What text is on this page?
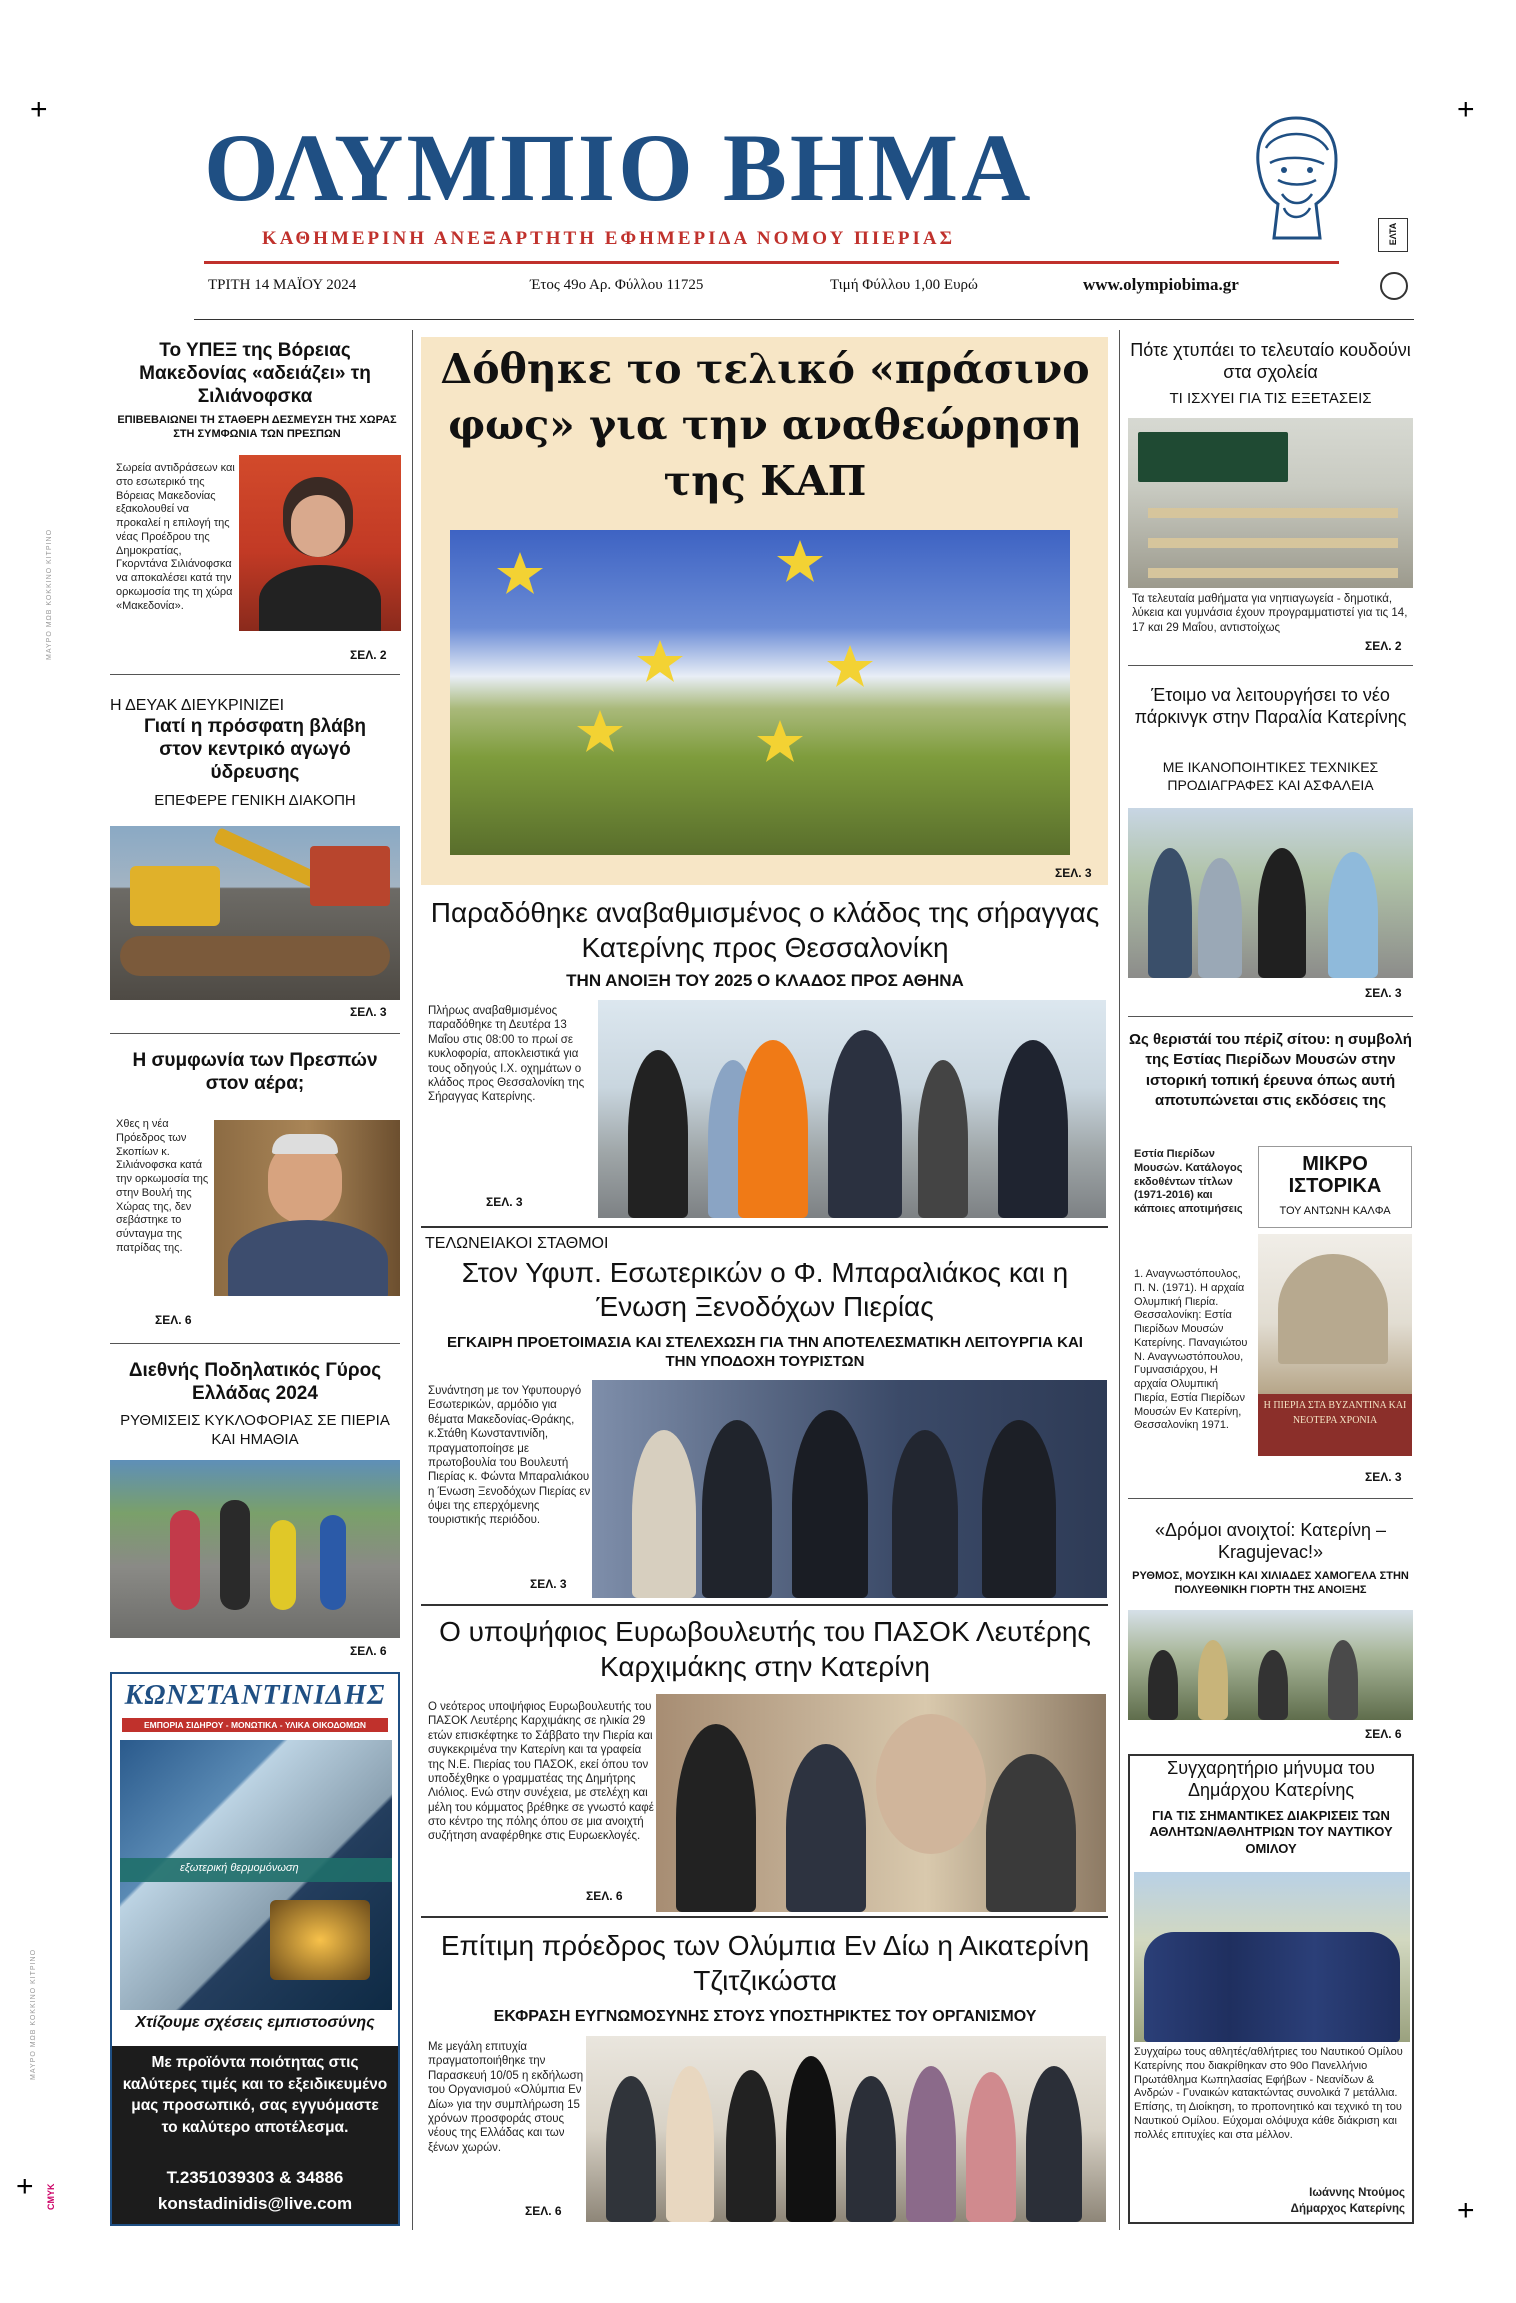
+	+
+
+
ΜΑΥΡΟ ΜΩΒ ΚΟΚΚΙΝΟ ΚΙΤΡΙΝΟ
ΜΑΥΡΟ ΜΩΒ ΚΟΚΚΙΝΟ ΚΙΤΡΙΝΟ
CMYK
ΟΛΥΜΠΙΟ ΒΗΜΑ
ΚΑΘΗΜΕΡΙΝΗ ΑΝΕΞΑΡΤΗΤΗ ΕΦΗΜΕΡΙΔΑ ΝΟΜΟΥ ΠΙΕΡΙΑΣ	ΕΛΤΑ
ΤΡΙΤΗ 14 ΜΑΪΟΥ 2024	Έτος 49ο Αρ. Φύλλου 11725	Τιμή Φύλλου 1,00 Ευρώ	www.olympiobima.gr
Το ΥΠΕΞ της Βόρειας Μακεδονίας «αδειάζει» τη Σιλιάνοφσκα
ΕΠΙΒΕΒΑΙΩΝΕΙ ΤΗ ΣΤΑΘΕΡΗ ΔΕΣΜΕΥΣΗ ΤΗΣ ΧΩΡΑΣ ΣΤΗ ΣΥΜΦΩΝΙΑ ΤΩΝ ΠΡΕΣΠΩΝ
Σωρεία αντιδράσεων και στο εσωτερικό της Βόρειας Μακεδονίας εξακολουθεί να προκαλεί η επιλογή της νέας Προέδρου της Δημοκρατίας, Γκορντάνα Σιλιάνοφσκα να αποκαλέσει κατά την ορκωμοσία της τη χώρα «Μακεδονία».
ΣΕΛ. 2
Η ΔΕΥΑΚ ΔΙΕΥΚΡΙΝΙΖΕΙ
Γιατί η πρόσφατη βλάβη στον κεντρικό αγωγό ύδρευσης
ΕΠΕΦΕΡΕ ΓΕΝΙΚΗ ΔΙΑΚΟΠΗ
ΣΕΛ. 3
Η συμφωνία των Πρεσπών στον αέρα;
Χθες η νέα Πρόεδρος των Σκοπίων κ. Σιλιάνοφσκα κατά την ορκωμοσία της στην Βουλή της Χώρας της, δεν σεβάστηκε το σύνταγμα της πατρίδας της.
ΣΕΛ. 6
Διεθνής Ποδηλατικός Γύρος Ελλάδας 2024
ΡΥΘΜΙΣΕΙΣ ΚΥΚΛΟΦΟΡΙΑΣ ΣΕ ΠΙΕΡΙΑ ΚΑΙ ΗΜΑΘΙΑ
ΣΕΛ. 6
ΚΩΝΣΤΑΝΤΙΝΙΔΗΣ
ΕΜΠΟΡΙΑ ΣΙΔΗΡΟΥ - ΜΟΝΩΤΙΚΑ - ΥΛΙΚΑ ΟΙΚΟΔΟΜΩΝ
εξωτερική θερμομόνωση
Χτίζουμε σχέσεις εμπιστοσύνης
Με προϊόντα ποιότητας στις καλύτερες τιμές και το εξειδικευμένο μας προσωπικό, σας εγγυόμαστε το καλύτερο αποτέλεσμα.
Τ.2351039303 & 34886
konstadinidis@live.com
Δόθηκε το τελικό «πράσινο φως» για την αναθεώρηση της ΚΑΠ
ΣΕΛ. 3
Παραδόθηκε αναβαθμισμένος ο κλάδος της σήραγγας Κατερίνης προς Θεσσαλονίκη
ΤΗΝ ΑΝΟΙΞΗ ΤΟΥ 2025 Ο ΚΛΑΔΟΣ ΠΡΟΣ ΑΘΗΝΑ
Πλήρως αναβαθμισμένος παραδόθηκε τη Δευτέρα 13 Μαΐου στις 08:00 το πρωί σε κυκλοφορία, αποκλειστικά για τους οδηγούς Ι.Χ. οχημάτων ο κλάδος προς Θεσσαλονίκη της Σήραγγας Κατερίνης.
ΣΕΛ. 3
ΤΕΛΩΝΕΙΑΚΟΙ ΣΤΑΘΜΟΙ
Στον Υφυπ. Εσωτερικών ο Φ. Μπαραλιάκος και η Ένωση Ξενοδόχων Πιερίας
ΕΓΚΑΙΡΗ ΠΡΟΕΤΟΙΜΑΣΙΑ ΚΑΙ ΣΤΕΛΕΧΩΣΗ ΓΙΑ ΤΗΝ ΑΠΟΤΕΛΕΣΜΑΤΙΚΗ ΛΕΙΤΟΥΡΓΙΑ ΚΑΙ ΤΗΝ ΥΠΟΔΟΧΗ ΤΟΥΡΙΣΤΩΝ
Συνάντηση με τον Υφυπουργό Εσωτερικών, αρμόδιο για θέματα Μακεδονίας-Θράκης, κ.Στάθη Κωνσταντινίδη, πραγματοποίησε με πρωτοβουλία του Βουλευτή Πιερίας κ. Φώντα Μπαραλιάκου η Ένωση Ξενοδόχων Πιερίας εν όψει της επερχόμενης τουριστικής περιόδου.
ΣΕΛ. 3
Ο υποψήφιος Ευρωβουλευτής του ΠΑΣΟΚ Λευτέρης Καρχιμάκης στην Κατερίνη
Ο νεότερος υποψήφιος Ευρωβουλευτής του ΠΑΣΟΚ Λευτέρης Καρχιμάκης σε ηλικία 29 ετών επισκέφτηκε το Σάββατο την Πιερία και συγκεκριμένα την Κατερίνη και τα γραφεία της Ν.Ε. Πιερίας του ΠΑΣΟΚ, εκεί όπου τον υποδέχθηκε ο γραμματέας της Δημήτρης Λιόλιος. Ενώ στην συνέχεια, με στελέχη και μέλη του κόμματος βρέθηκε σε γνωστό καφέ στο κέντρο της πόλης όπου σε μια ανοιχτή συζήτηση αναφέρθηκε στις Ευρωεκλογές.
ΣΕΛ. 6
Επίτιμη πρόεδρος των Ολύμπια Εν Δίω η Αικατερίνη Τζιτζικώστα
ΕΚΦΡΑΣΗ ΕΥΓΝΩΜΟΣΥΝΗΣ ΣΤΟΥΣ ΥΠΟΣΤΗΡΙΚΤΕΣ ΤΟΥ ΟΡΓΑΝΙΣΜΟΥ
Με μεγάλη επιτυχία πραγματοποιήθηκε την Παρασκευή 10/05 η εκδήλωση του Οργανισμού «Ολύμπια Εν Δίω» για την συμπλήρωση 15 χρόνων προσφοράς στους νέους της Ελλάδας και των ξένων χωρών.
ΣΕΛ. 6
Πότε χτυπάει το τελευταίο κουδούνι στα σχολεία
ΤΙ ΙΣΧΥΕΙ ΓΙΑ ΤΙΣ ΕΞΕΤΑΣΕΙΣ
Τα τελευταία μαθήματα για νηπιαγωγεία - δημοτικά, λύκεια και γυμνάσια έχουν προγραμματιστεί για τις 14, 17 και 29 Μαΐου, αντιστοίχως
ΣΕΛ. 2
Έτοιμο να λειτουργήσει το νέο πάρκινγκ στην Παραλία Κατερίνης
ΜΕ ΙΚΑΝΟΠΟΙΗΤΙΚΕΣ ΤΕΧΝΙΚΕΣ ΠΡΟΔΙΑΓΡΑΦΕΣ ΚΑΙ ΑΣΦΑΛΕΙΑ
ΣΕΛ. 3
Ως θεριστάί του πέρiζ σίτου: η συμβολή της Εστίας Πιερίδων Μουσών στην ιστορική τοπική έρευνα όπως αυτή αποτυπώνεται στις εκδόσεις της
Εστία Πιερίδων Μουσών. Κατάλογος εκδοθέντων τίτλων (1971-2016) και κάποιες αποτιμήσεις
1. Αναγνωστόπουλος, Π. Ν. (1971). Η αρχαία Ολυμπική Πιερία. Θεσσαλονίκη: Εστία Πιερίδων Μουσών Κατερίνης. Παναγιώτου Ν. Αναγνωστόπουλου, Γυμνασιάρχου, Η αρχαία Ολυμπική Πιερία, Εστία Πιερίδων Μουσών Εν Κατερίνη, Θεσσαλονίκη 1971.
ΜΙΚΡΟ ΙΣΤΟΡΙΚΑ
ΤΟΥ ΑΝΤΩΝΗ ΚΑΛΦΑ
Η ΠΙΕΡΙΑ ΣΤΑ ΒΥΖΑΝΤΙΝΑ ΚΑΙ ΝΕΟΤΕΡΑ ΧΡΟΝΙΑ
ΣΕΛ. 3
«Δρόμοι ανοιχτοί: Κατερίνη – Kragujevac!»
ΡΥΘΜΟΣ, ΜΟΥΣΙΚΗ ΚΑΙ ΧΙΛΙΑΔΕΣ ΧΑΜΟΓΕΛΑ ΣΤΗΝ ΠΟΛΥΕΘΝΙΚΗ ΓΙΟΡΤΗ ΤΗΣ ΑΝΟΙΞΗΣ
ΣΕΛ. 6
Συγχαρητήριο μήνυμα του Δημάρχου Κατερίνης
ΓΙΑ ΤΙΣ ΣΗΜΑΝΤΙΚΕΣ ΔΙΑΚΡΙΣΕΙΣ ΤΩΝ ΑΘΛΗΤΩΝ/ΑΘΛΗΤΡΙΩΝ ΤΟΥ ΝΑΥΤΙΚΟΥ ΟΜΙΛΟΥ
Συγχαίρω τους αθλητές/αθλήτριες του Ναυτικού Ομίλου Κατερίνης που διακρίθηκαν στο 90ο Πανελλήνιο Πρωτάθλημα Κωπηλασίας Εφήβων - Νεανίδων & Ανδρών - Γυναικών κατακτώντας συνολικά 7 μετάλλια. Επίσης, τη Διοίκηση, το προπονητικό και τεχνικό τη του Ναυτικού Ομίλου. Εύχομαι ολόψυχα κάθε διάκριση και πολλές επιτυχίες και στα μέλλον.
Ιωάννης Ντούμος
Δήμαρχος Κατερίνης
